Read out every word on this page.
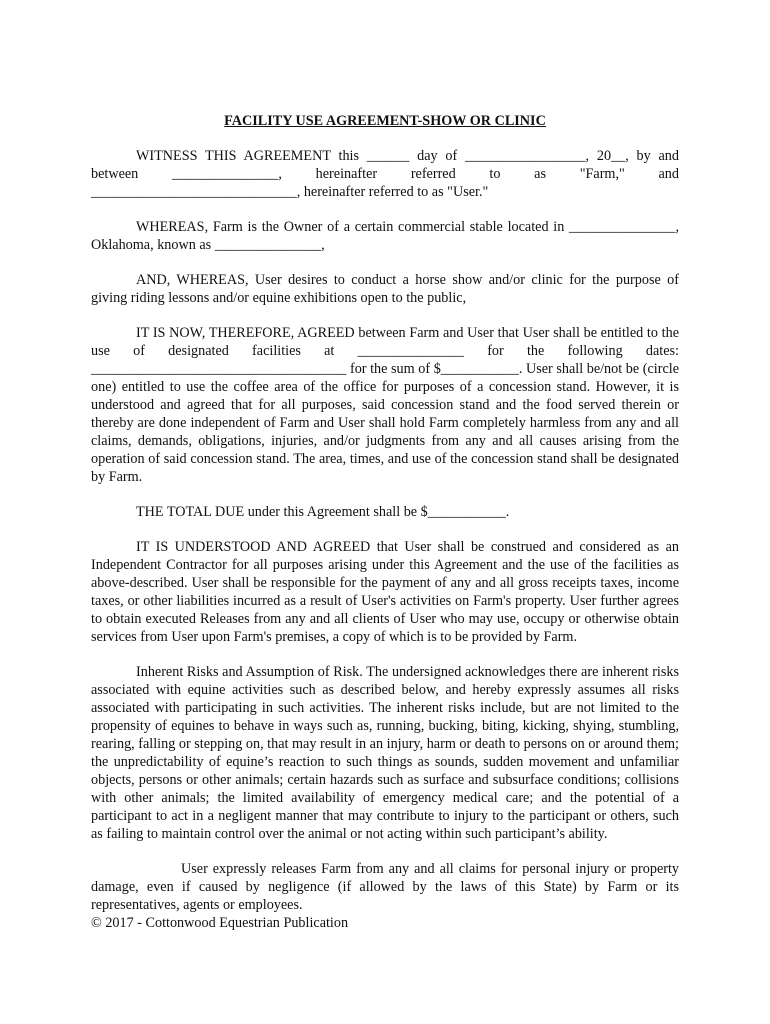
FACILITY USE AGREEMENT-SHOW OR CLINIC

WITNESS THIS AGREEMENT this ______ day of _________________, 20__, by and between _______________, hereinafter referred to as "Farm," and _____________________________, hereinafter referred to as "User."

WHEREAS, Farm is the Owner of a certain commercial stable located in _______________, Oklahoma, known as _______________,

AND, WHEREAS, User desires to conduct a horse show and/or clinic for the purpose of giving riding lessons and/or equine exhibitions open to the public,

IT IS NOW, THEREFORE, AGREED between Farm and User that User shall be entitled to the use of designated facilities at _______________ for the following dates: ____________________________________ for the sum of $___________. User shall be/not be (circle one) entitled to use the coffee area of the office for purposes of a concession stand. However, it is understood and agreed that for all purposes, said concession stand and the food served therein or thereby are done independent of Farm and User shall hold Farm completely harmless from any and all claims, demands, obligations, injuries, and/or judgments from any and all causes arising from the operation of said concession stand. The area, times, and use of the concession stand shall be designated by Farm.

THE TOTAL DUE under this Agreement shall be $___________.

IT IS UNDERSTOOD AND AGREED that User shall be construed and considered as an Independent Contractor for all purposes arising under this Agreement and the use of the facilities as above-described. User shall be responsible for the payment of any and all gross receipts taxes, income taxes, or other liabilities incurred as a result of User's activities on Farm's property. User further agrees to obtain executed Releases from any and all clients of User who may use, occupy or otherwise obtain services from User upon Farm's premises, a copy of which is to be provided by Farm.

Inherent Risks and Assumption of Risk. The undersigned acknowledges there are inherent risks associated with equine activities such as described below, and hereby expressly assumes all risks associated with participating in such activities. The inherent risks include, but are not limited to the propensity of equines to behave in ways such as, running, bucking, biting, kicking, shying, stumbling, rearing, falling or stepping on, that may result in an injury, harm or death to persons on or around them; the unpredictability of equine’s reaction to such things as sounds, sudden movement and unfamiliar objects, persons or other animals; certain hazards such as surface and subsurface conditions; collisions with other animals; the limited availability of emergency medical care; and the potential of a participant to act in a negligent manner that may contribute to injury to the participant or others, such as failing to maintain control over the animal or not acting within such participant’s ability.

User expressly releases Farm from any and all claims for personal injury or property damage, even if caused by negligence (if allowed by the laws of this State) by Farm or its representatives, agents or employees.

© 2017 - Cottonwood Equestrian Publication
